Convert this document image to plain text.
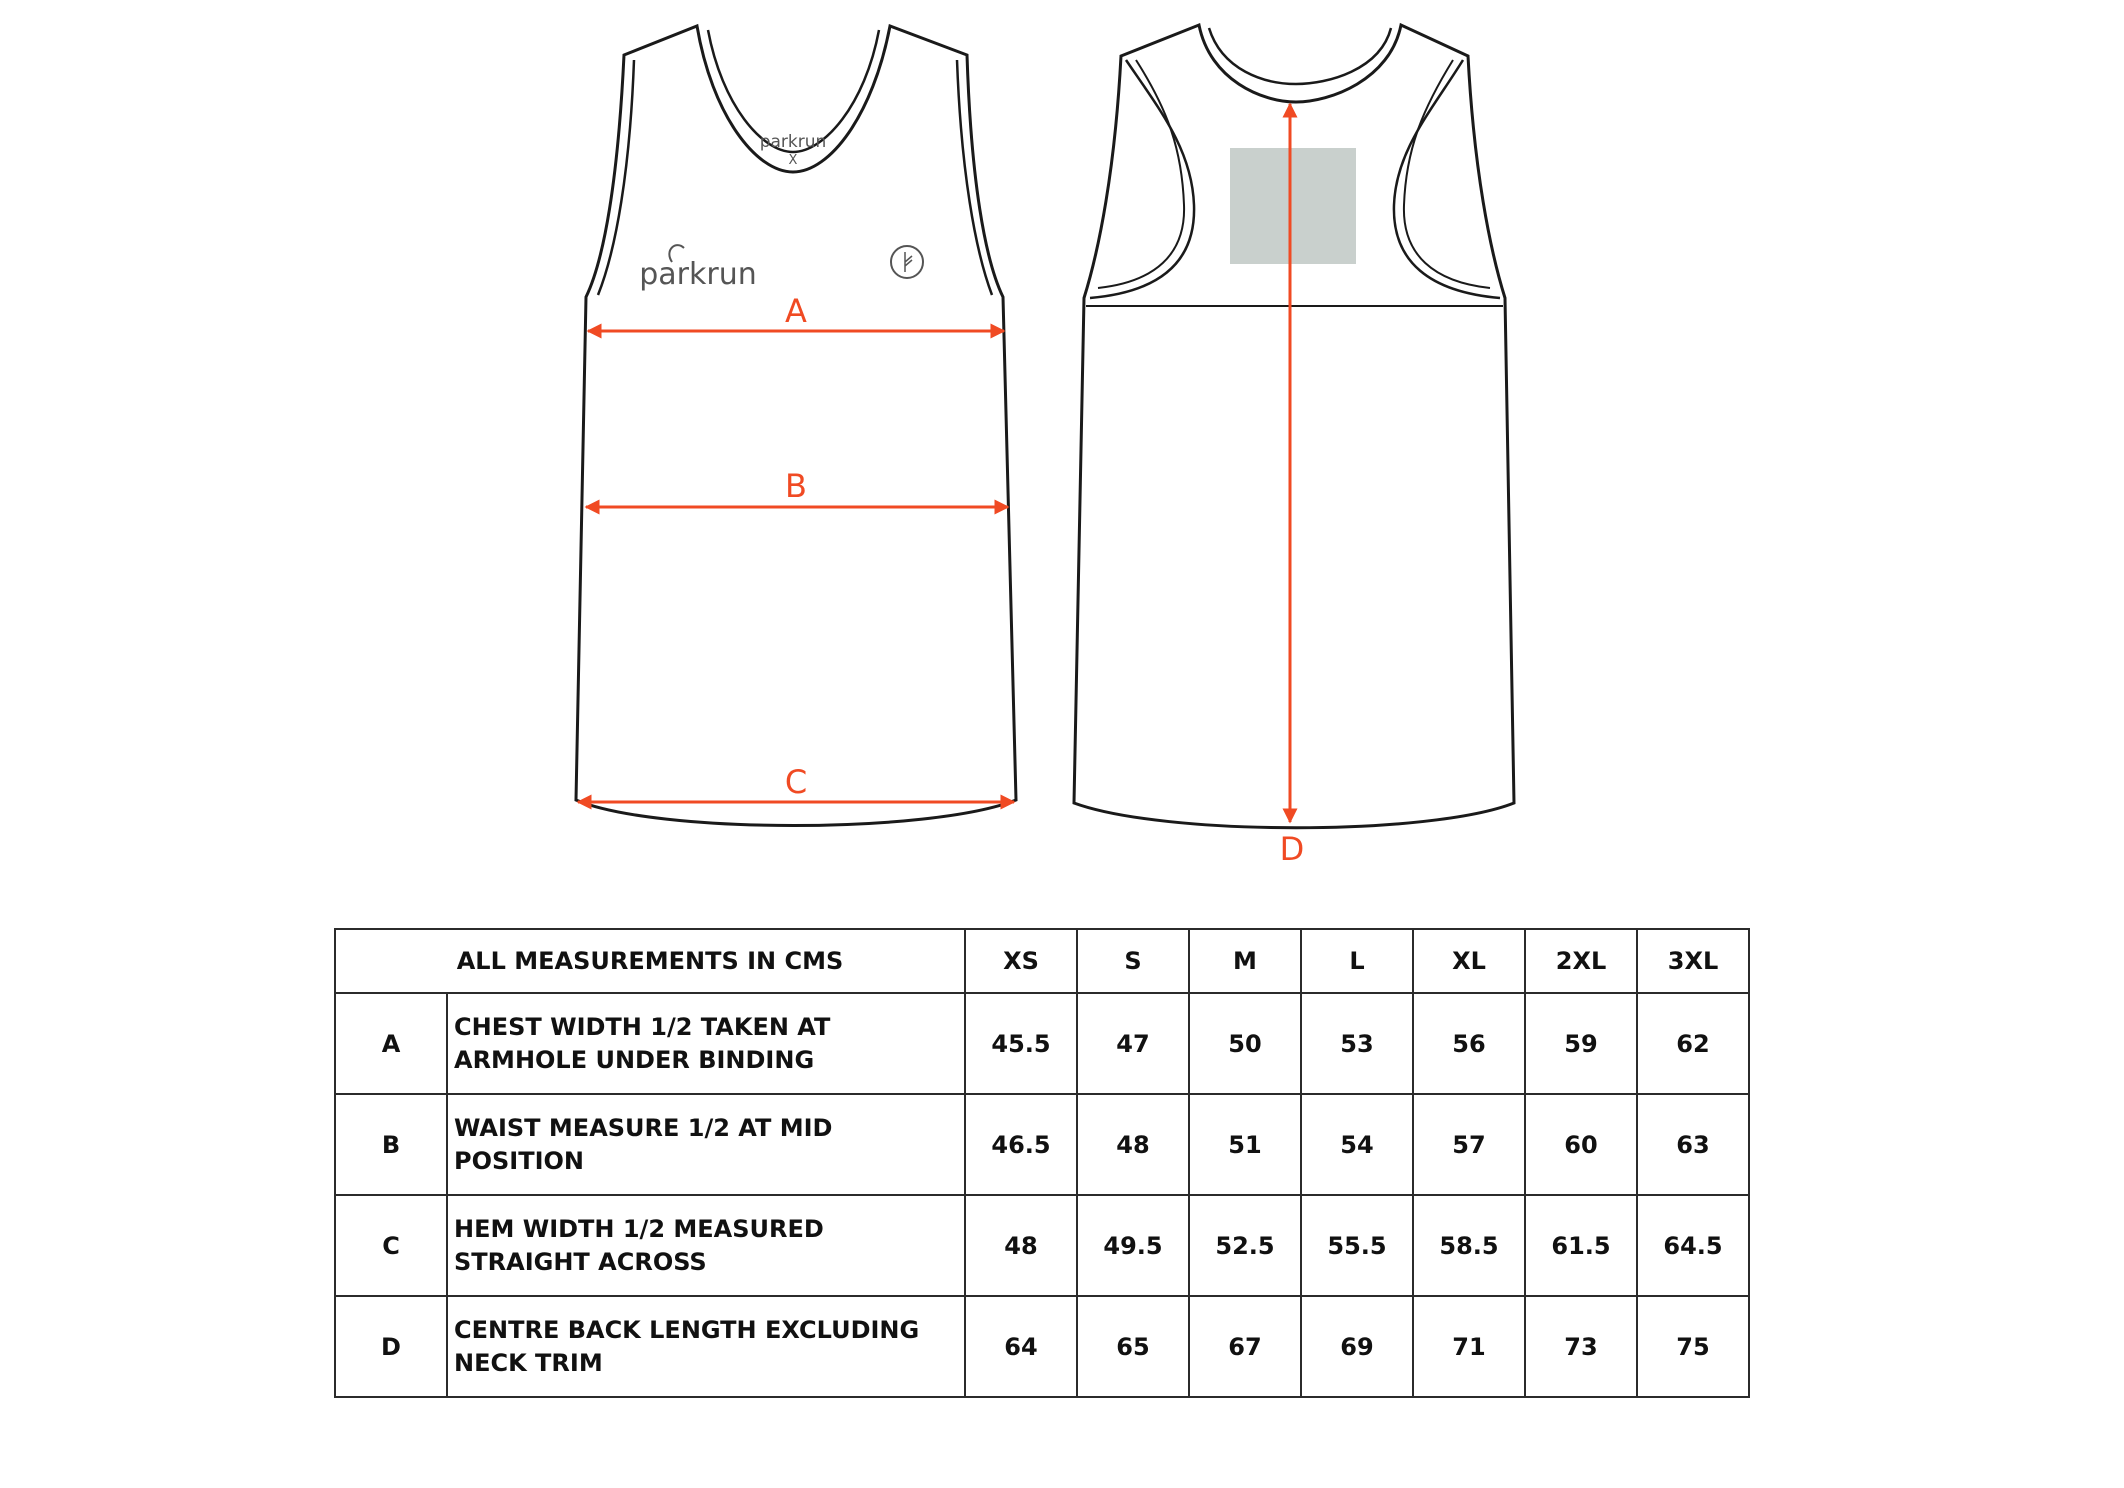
parkrun
X
parkrun
A
B
C
D
ALL MEASUREMENTS IN CMS		XS	S	M	L	XL	2XL	3XL
A	CHEST WIDTH 1/2 TAKEN AT ARMHOLE UNDER BINDING	45.5	47	50	53	56	59	62
B	WAIST MEASURE 1/2 AT MID POSITION	46.5	48	51	54	57	60	63
C	HEM WIDTH 1/2 MEASURED STRAIGHT ACROSS	48	49.5	52.5	55.5	58.5	61.5	64.5
D	CENTRE BACK LENGTH EXCLUDING NECK TRIM	64	65	67	69	71	73	75
